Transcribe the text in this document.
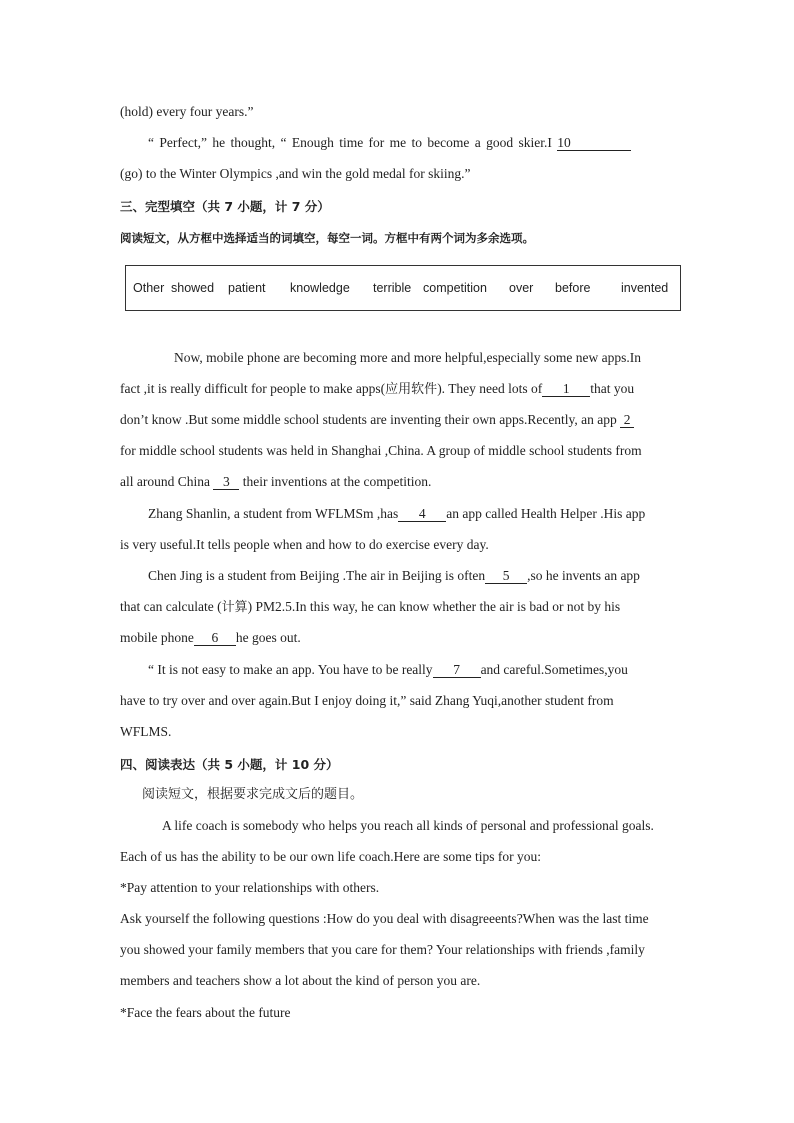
(hold) every four years.”
“ Perfect,” he thought, “ Enough time for me to become a good skier.I 10
(go) to the Winter Olympics ,and win the gold medal for skiing.”
三、完型填空（共 7 小题，计 7 分）
阅读短文，从方框中选择适当的词填空，每空一词。方框中有两个词为多余选项。
Other showed patient knowledge terrible competition over before invented
Now, mobile phone are becoming more and more helpful,especially some new apps.In
fact ,it is really difficult for people to make apps(应用软件). They need lots of 1 that you
don’t know .But some middle school students are inventing their own apps.Recently, an app 2
for middle school students was held in Shanghai ,China. A group of middle school students from
all around China 3 their inventions at the competition.
Zhang Shanlin, a student from WFLMSm ,has 4 an app called Health Helper .His app
is very useful.It tells people when and how to do exercise every day.
Chen Jing is a student from Beijing .The air in Beijing is often 5 ,so he invents an app
that can calculate (计算) PM2.5.In this way, he can know whether the air is bad or not by his
mobile phone 6 he goes out.
“ It is not easy to make an app. You have to be really 7 and careful.Sometimes,you
have to try over and over again.But I enjoy doing it,” said Zhang Yuqi,another student from
WFLMS.
四、阅读表达（共 5 小题，计 10 分）
阅读短文，根据要求完成文后的题目。
A life coach is somebody who helps you reach all kinds of personal and professional goals.
Each of us has the ability to be our own life coach.Here are some tips for you:
*Pay attention to your relationships with others.
Ask yourself the following questions :How do you deal with disagreeents?When was the last time
you showed your family members that you care for them? Your relationships with friends ,family
members and teachers show a lot about the kind of person you are.
*Face the fears about the future
